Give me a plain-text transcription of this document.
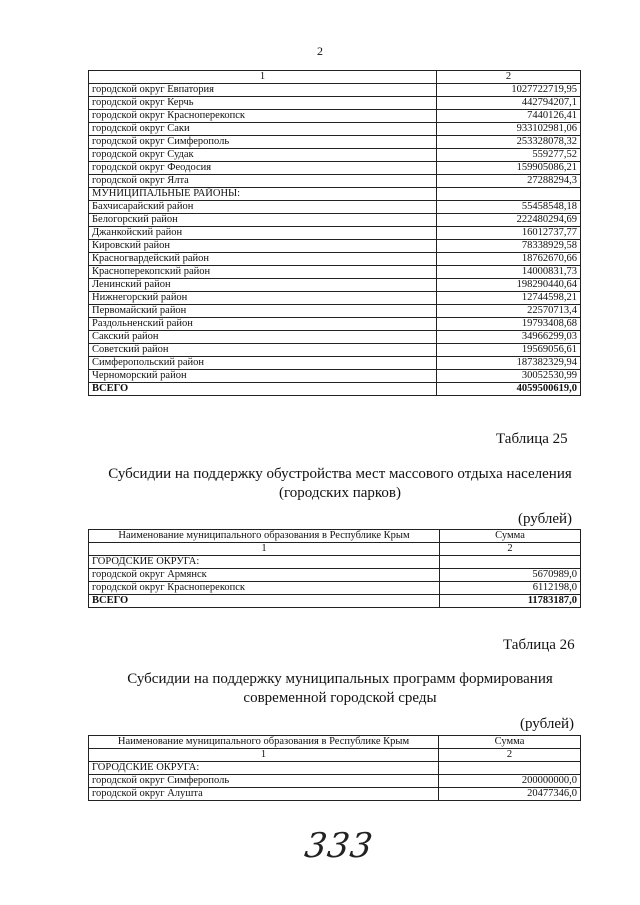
2
1	2
городской округ Евпатория	1027722719,95
городской округ Керчь	442794207,1
городской округ Красноперекопск	7440126,41
городской округ Саки	933102981,06
городской округ Симферополь	253328078,32
городской округ Судак	559277,52
городской округ Феодосия	159905086,21
городской округ Ялта	27288294,3
МУНИЦИПАЛЬНЫЕ РАЙОНЫ:	
Бахчисарайский район	55458548,18
Белогорский район	222480294,69
Джанкойский район	16012737,77
Кировский район	78338929,58
Красногвардейский район	18762670,66
Красноперекопский район	14000831,73
Ленинский район	198290440,64
Нижнегорский район	12744598,21
Первомайский район	22570713,4
Раздольненский район	19793408,68
Сакский район	34966299,03
Советский район	19569056,61
Симферопольский район	187382329,94
Черноморский район	30052530,99
ВСЕГО	4059500619,0
Таблица 25
Субсидии на поддержку обустройства мест массового отдыха населения
(городских парков)
(рублей)
Наименование муниципального образования в Республике Крым	Сумма
1	2
ГОРОДСКИЕ ОКРУГА:	
городской округ Армянск	5670989,0
городской округ Красноперекопск	6112198,0
ВСЕГО	11783187,0
Таблица 26
Субсидии на поддержку муниципальных программ формирования
современной городской среды
(рублей)
Наименование муниципального образования в Республике Крым	Сумма
1	2
ГОРОДСКИЕ ОКРУГА:	
городской округ Симферополь	200000000,0
городской округ Алушта	20477346,0
333
